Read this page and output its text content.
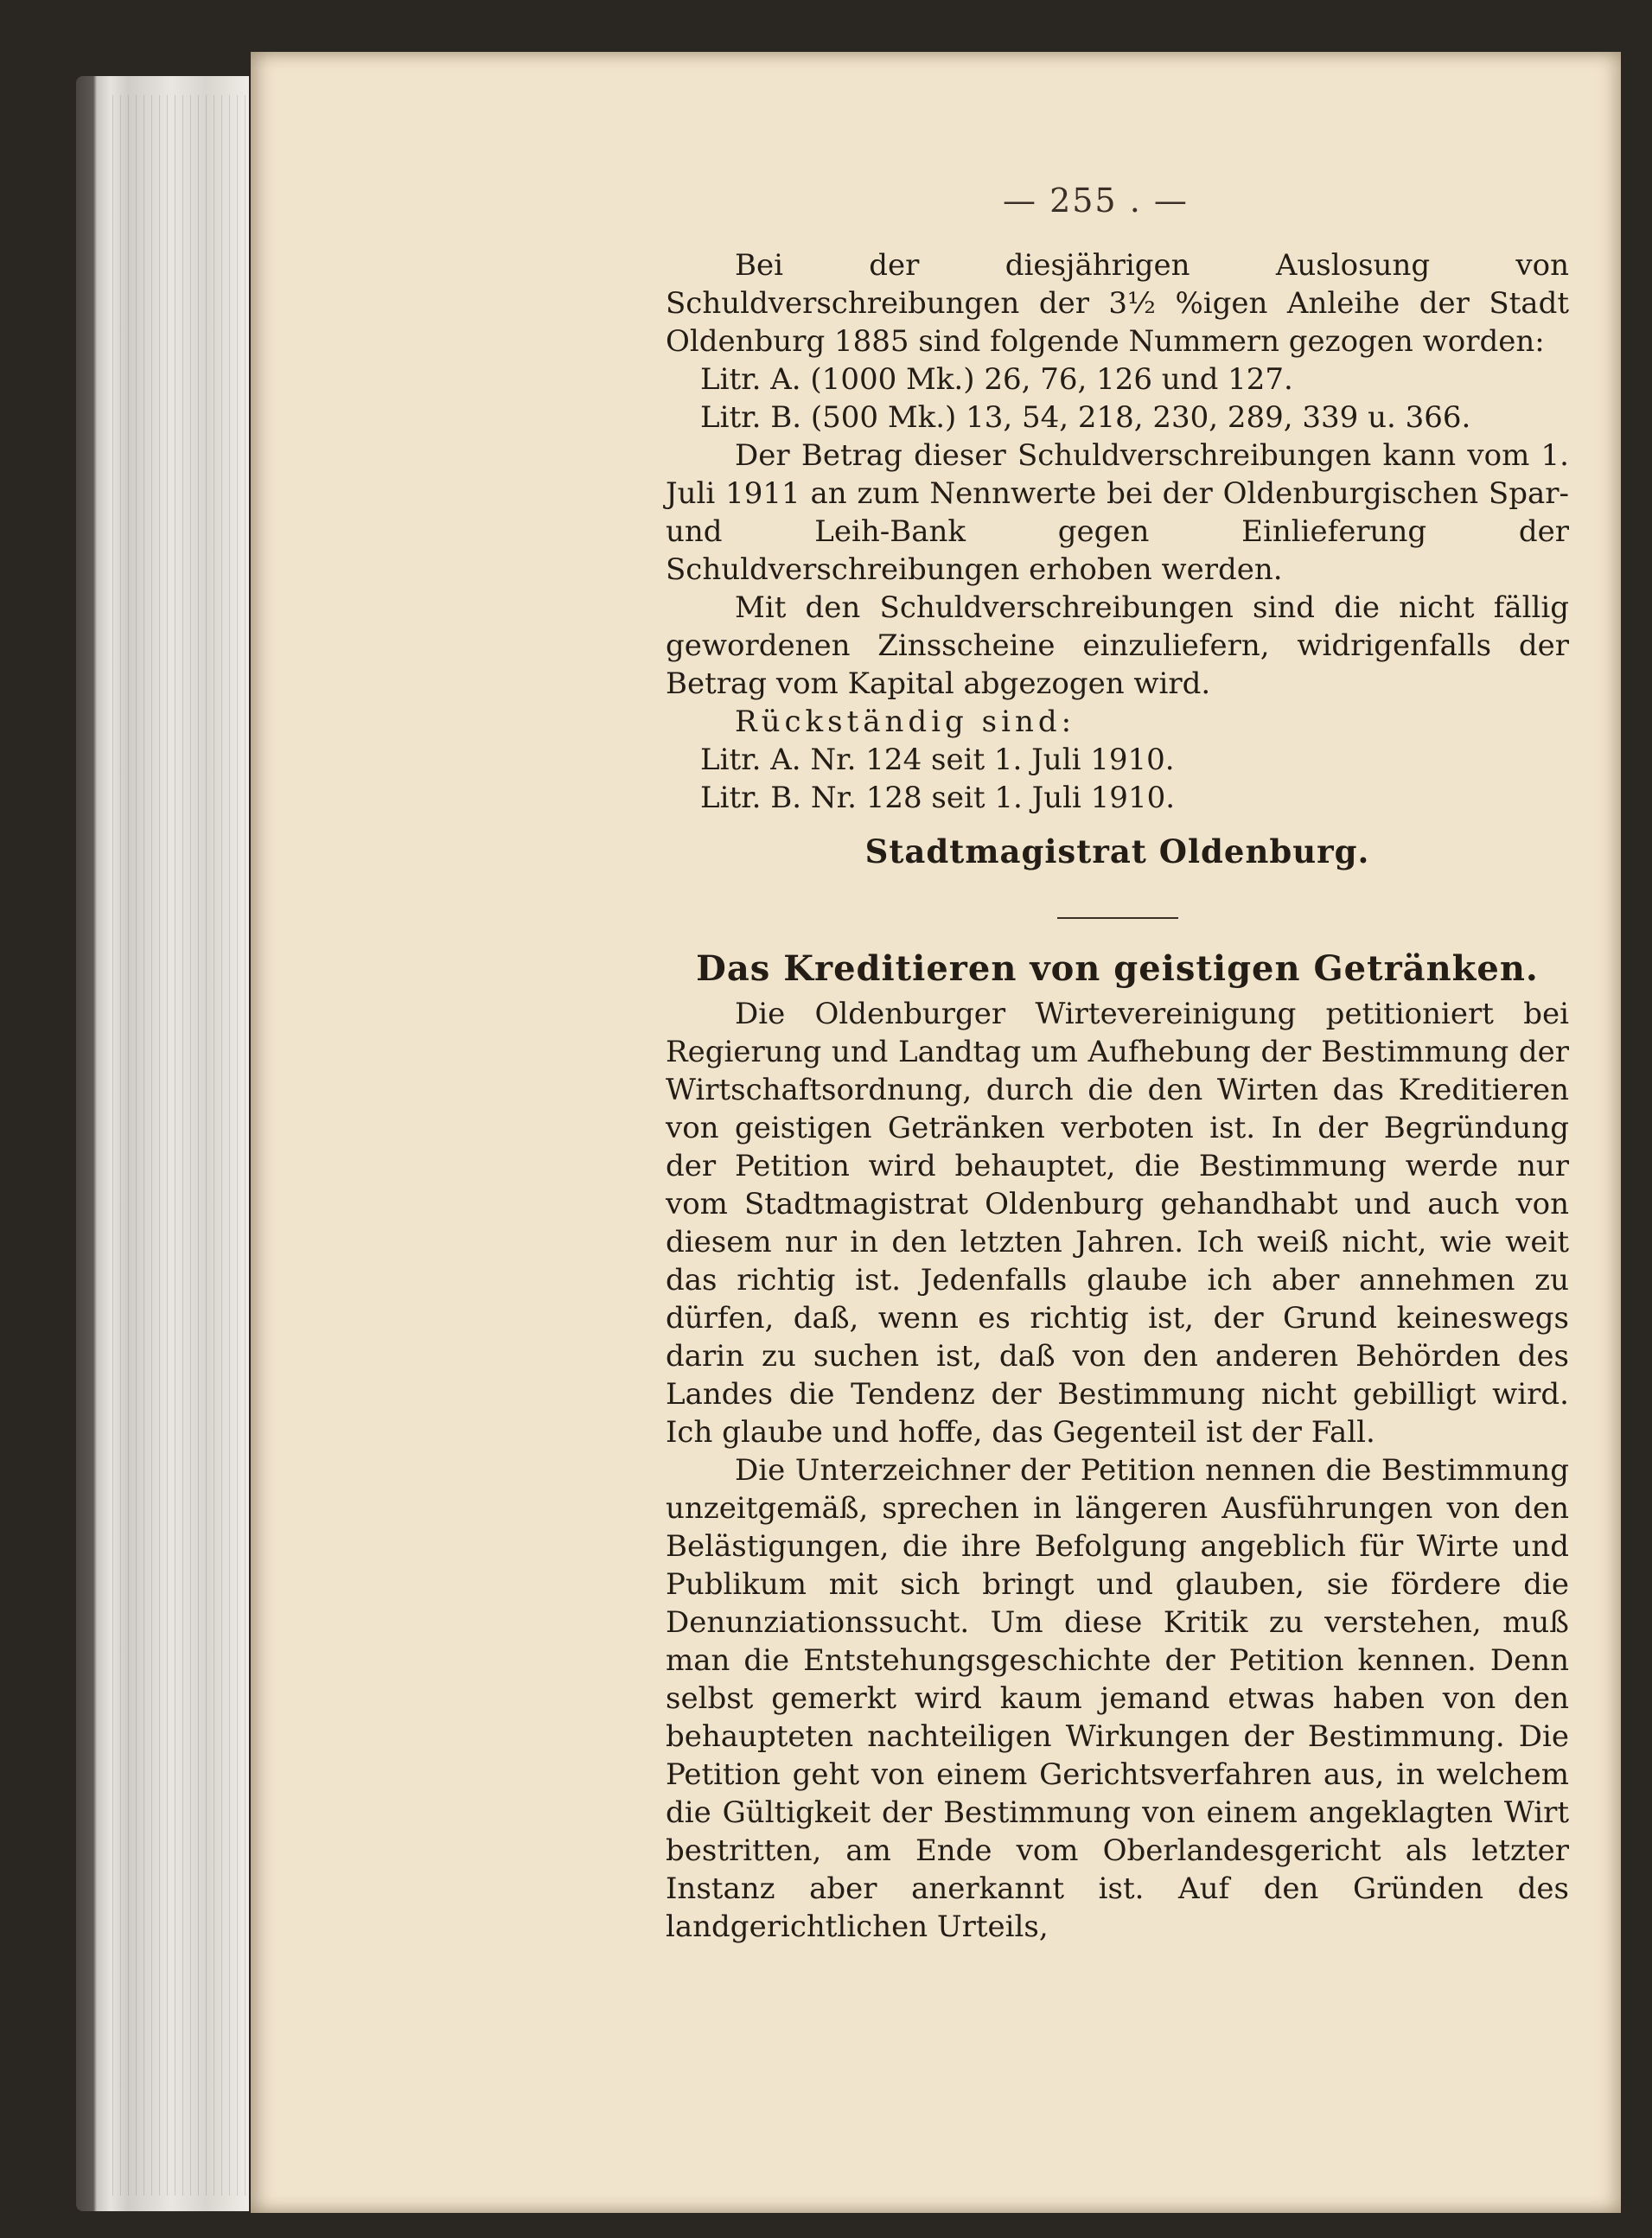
— 255 . —

Bei der diesjährigen Auslosung von Schuldverschreibungen der 3½ %igen Anleihe der Stadt Oldenburg 1885 sind folgende Nummern gezogen worden:

Litr. A. (1000 Mk.) 26, 76, 126 und 127.

Litr. B. (500 Mk.) 13, 54, 218, 230, 289, 339 u. 366.

Der Betrag dieser Schuldverschreibungen kann vom 1. Juli 1911 an zum Nennwerte bei der Oldenburgischen Spar- und Leih-Bank gegen Einlieferung der Schuldverschreibungen erhoben werden.

Mit den Schuldverschreibungen sind die nicht fällig gewordenen Zinsscheine einzuliefern, widrigenfalls der Betrag vom Kapital abgezogen wird.

Rückständig sind:

Litr. A. Nr. 124 seit 1. Juli 1910.

Litr. B. Nr. 128 seit 1. Juli 1910.

Stadtmagistrat Oldenburg.

Das Kreditieren von geistigen Getränken.

Die Oldenburger Wirtevereinigung petitioniert bei Regierung und Landtag um Aufhebung der Bestimmung der Wirtschaftsordnung, durch die den Wirten das Kreditieren von geistigen Getränken verboten ist. In der Begründung der Petition wird behauptet, die Bestimmung werde nur vom Stadtmagistrat Oldenburg gehandhabt und auch von diesem nur in den letzten Jahren. Ich weiß nicht, wie weit das richtig ist. Jedenfalls glaube ich aber annehmen zu dürfen, daß, wenn es richtig ist, der Grund keineswegs darin zu suchen ist, daß von den anderen Behörden des Landes die Tendenz der Bestimmung nicht gebilligt wird. Ich glaube und hoffe, das Gegenteil ist der Fall.

Die Unterzeichner der Petition nennen die Bestimmung unzeitgemäß, sprechen in längeren Ausführungen von den Belästigungen, die ihre Befolgung angeblich für Wirte und Publikum mit sich bringt und glauben, sie fördere die Denunziationssucht. Um diese Kritik zu verstehen, muß man die Entstehungsgeschichte der Petition kennen. Denn selbst gemerkt wird kaum jemand etwas haben von den behaupteten nachteiligen Wirkungen der Bestimmung. Die Petition geht von einem Gerichtsverfahren aus, in welchem die Gültigkeit der Bestimmung von einem angeklagten Wirt bestritten, am Ende vom Oberlandesgericht als letzter Instanz aber anerkannt ist. Auf den Gründen des landgerichtlichen Urteils,
